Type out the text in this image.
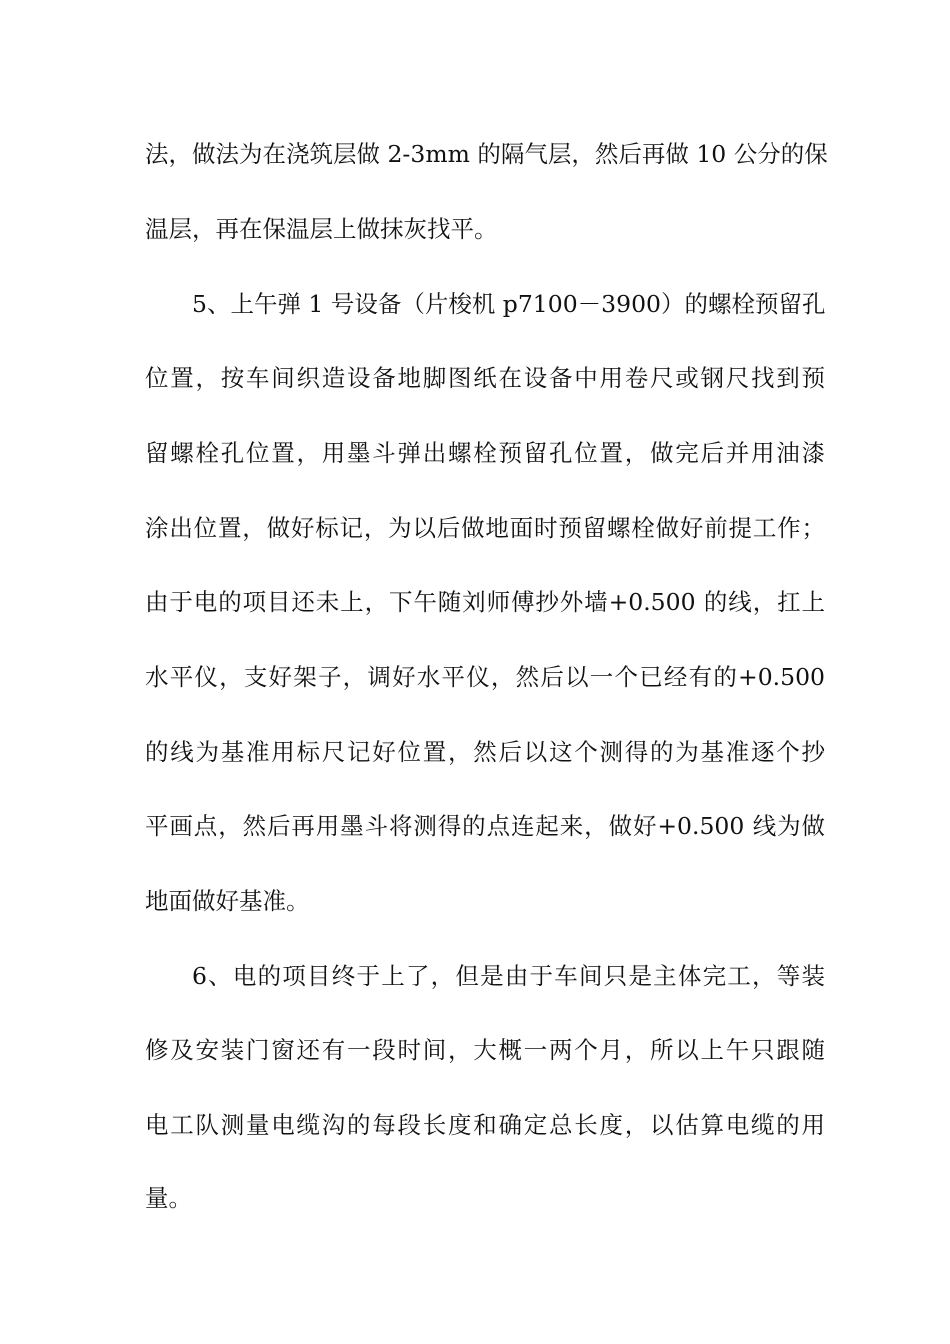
法，做法为在浇筑层做 2-3mm 的隔气层，然后再做 10 公分的保
温层，再在保温层上做抹灰找平。
5、上午弹 1 号设备（片梭机 p7100－3900）的螺栓预留孔
位置，按车间织造设备地脚图纸在设备中用卷尺或钢尺找到预
留螺栓孔位置，用墨斗弹出螺栓预留孔位置，做完后并用油漆
涂出位置，做好标记，为以后做地面时预留螺栓做好前提工作；
由于电的项目还未上，下午随刘师傅抄外墙+0.500 的线，扛上
水平仪，支好架子，调好水平仪，然后以一个已经有的+0.500
的线为基准用标尺记好位置，然后以这个测得的为基准逐个抄
平画点，然后再用墨斗将测得的点连起来，做好+0.500 线为做
地面做好基准。
6、电的项目终于上了，但是由于车间只是主体完工，等装
修及安装门窗还有一段时间，大概一两个月，所以上午只跟随
电工队测量电缆沟的每段长度和确定总长度，以估算电缆的用
量。
